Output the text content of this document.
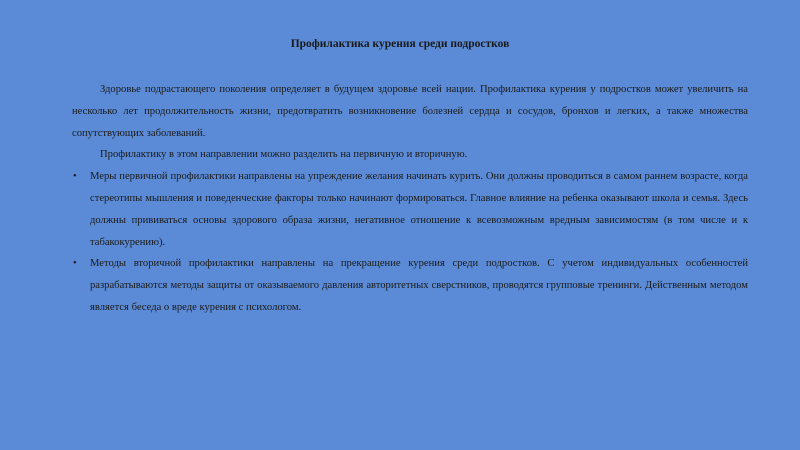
Профилактика курения среди подростков

Здоровье подрастающего поколения определяет в будущем здоровье всей нации. Профилактика курения у подростков может увеличить на несколько лет продолжительность жизни, предотвратить возникновение болезней сердца и сосудов, бронхов и легких, а также множества сопутствующих заболеваний.

Профилактику в этом направлении можно разделить на первичную и вторичную.

• Меры первичной профилактики направлены на упреждение желания начинать курить. Они должны проводиться в самом раннем возрасте, когда стереотипы мышления и поведенческие факторы только начинают формироваться. Главное влияние на ребенка оказывают школа и семья. Здесь должны прививаться основы здорового образа жизни, негативное отношение к всевозможным вредным зависимостям (в том числе и к табакокурению).
• Методы вторичной профилактики направлены на прекращение курения среди подростков. С учетом индивидуальных особенностей разрабатываются методы защиты от оказываемого давления авторитетных сверстников, проводятся групповые тренинги. Действенным методом является беседа о вреде курения с психологом.
